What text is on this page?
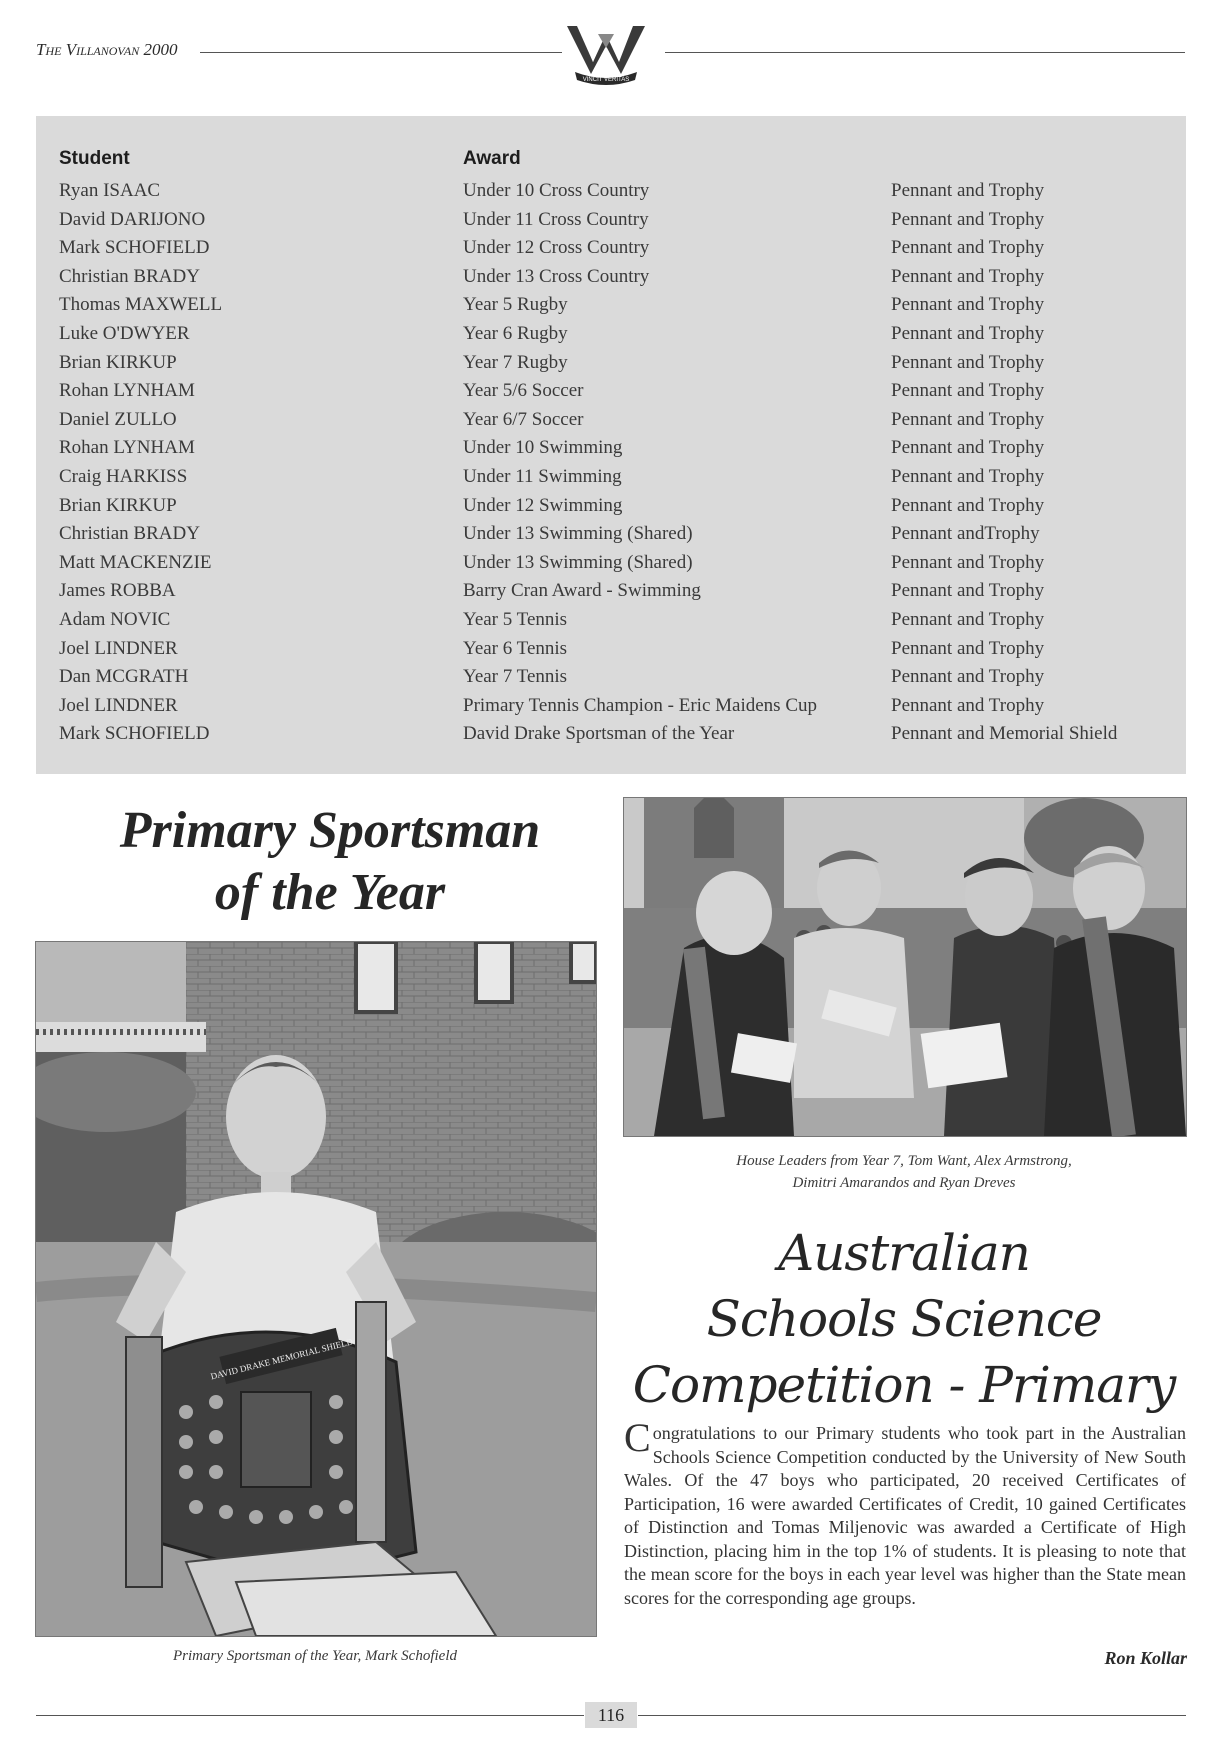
The Villanovan 2000
VINCIT VERITAS
Student	Award
Ryan ISAAC	Under 10 Cross Country	Pennant and Trophy
David DARIJONO	Under 11 Cross Country	Pennant and Trophy
Mark SCHOFIELD	Under 12 Cross Country	Pennant and Trophy
Christian BRADY	Under 13 Cross Country	Pennant and Trophy
Thomas MAXWELL	Year 5 Rugby	Pennant and Trophy
Luke O'DWYER	Year 6 Rugby	Pennant and Trophy
Brian KIRKUP	Year 7 Rugby	Pennant and Trophy
Rohan LYNHAM	Year 5/6 Soccer	Pennant and Trophy
Daniel ZULLO	Year 6/7 Soccer	Pennant and Trophy
Rohan LYNHAM	Under 10 Swimming	Pennant and Trophy
Craig HARKISS	Under 11 Swimming	Pennant and Trophy
Brian KIRKUP	Under 12 Swimming	Pennant and Trophy
Christian BRADY	Under 13 Swimming (Shared)	Pennant andTrophy
Matt MACKENZIE	Under 13 Swimming (Shared)	Pennant and Trophy
James ROBBA	Barry Cran Award - Swimming	Pennant and Trophy
Adam NOVIC	Year 5 Tennis	Pennant and Trophy
Joel LINDNER	Year 6 Tennis	Pennant and Trophy
Dan MCGRATH	Year 7 Tennis	Pennant and Trophy
Joel LINDNER	Primary Tennis Champion - Eric Maidens Cup	Pennant and Trophy
Mark SCHOFIELD	David Drake Sportsman of the Year	Pennant and Memorial Shield
Primary Sportsman
of the Year
DAVID DRAKE MEMORIAL SHIELD
Primary Sportsman of the Year, Mark Schofield
House Leaders from Year 7, Tom Want, Alex Armstrong,
Dimitri Amarandos and Ryan Dreves
Australian
Schools Science
Competition - Primary
Congratulations to our Primary students who took part in the Australian Schools Science Competition conducted by the University of New South Wales. Of the 47 boys who participated, 20 received Certificates of Participation, 16 were awarded Certificates of Credit, 10 gained Certificates of Distinction and Tomas Miljenovic was awarded a Certificate of High Distinction, placing him in the top 1% of students. It is pleasing to note that the mean score for the boys in each year level was higher than the State mean scores for the corresponding age groups.
Ron Kollar
116
